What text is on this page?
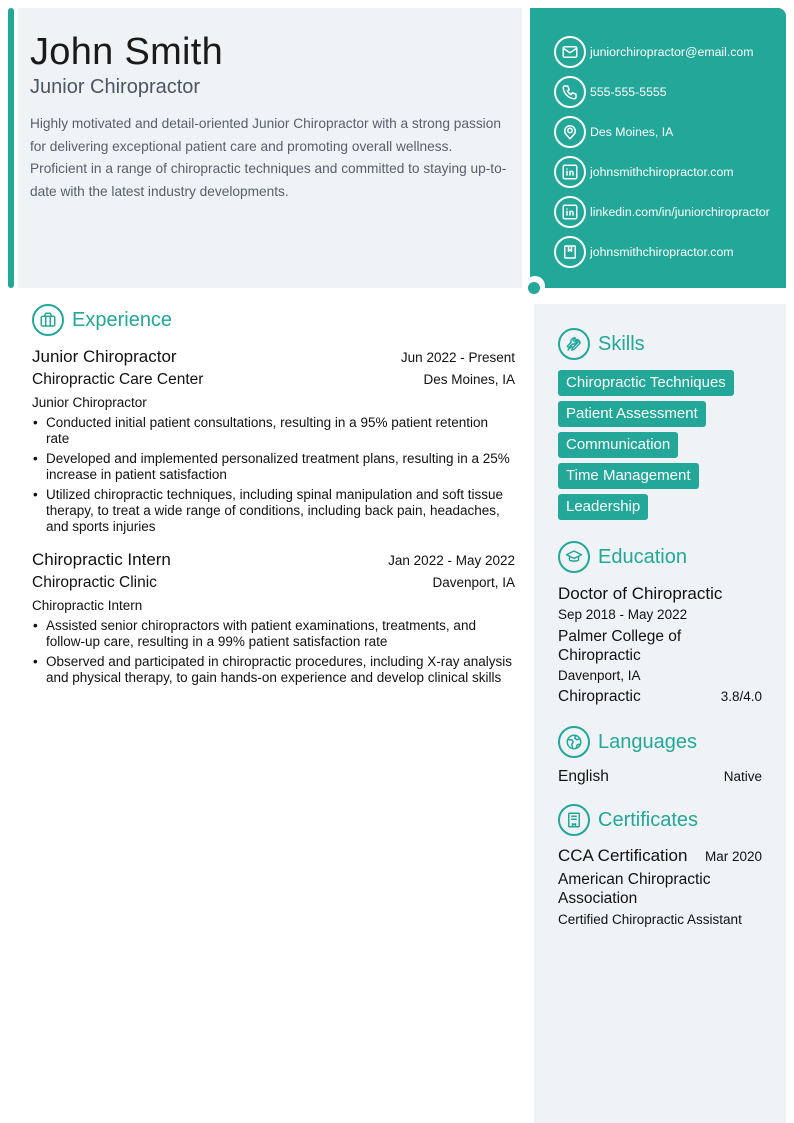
John Smith
Junior Chiropractor

Highly motivated and detail-oriented Junior Chiropractor with a strong passion for delivering exceptional patient care and promoting overall wellness. Proficient in a range of chiropractic techniques and committed to staying up-to-date with the latest industry developments.

juniorchiropractor@email.com
555-555-5555
Des Moines, IA
johnsmithchiropractor.com
linkedin.com/in/juniorchiropractor
johnsmithchiropractor.com
Experience
Junior Chiropractor	Jun 2022 - Present
Chiropractic Care Center	Des Moines, IA
Junior Chiropractor
• Conducted initial patient consultations, resulting in a 95% patient retention rate
• Developed and implemented personalized treatment plans, resulting in a 25% increase in patient satisfaction
• Utilized chiropractic techniques, including spinal manipulation and soft tissue therapy, to treat a wide range of conditions, including back pain, headaches, and sports injuries
Chiropractic Intern	Jan 2022 - May 2022
Chiropractic Clinic	Davenport, IA
Chiropractic Intern
• Assisted senior chiropractors with patient examinations, treatments, and follow-up care, resulting in a 99% patient satisfaction rate
• Observed and participated in chiropractic procedures, including X-ray analysis and physical therapy, to gain hands-on experience and develop clinical skills
Skills
Chiropractic Techniques
Patient Assessment
Communication
Time Management
Leadership
Education
Doctor of Chiropractic
Sep 2018 - May 2022
Palmer College of Chiropractic
Davenport, IA
Chiropractic	3.8/4.0
Languages
English	Native
Certificates
CCA Certification Mar 2020
American Chiropractic Association
Certified Chiropractic Assistant
